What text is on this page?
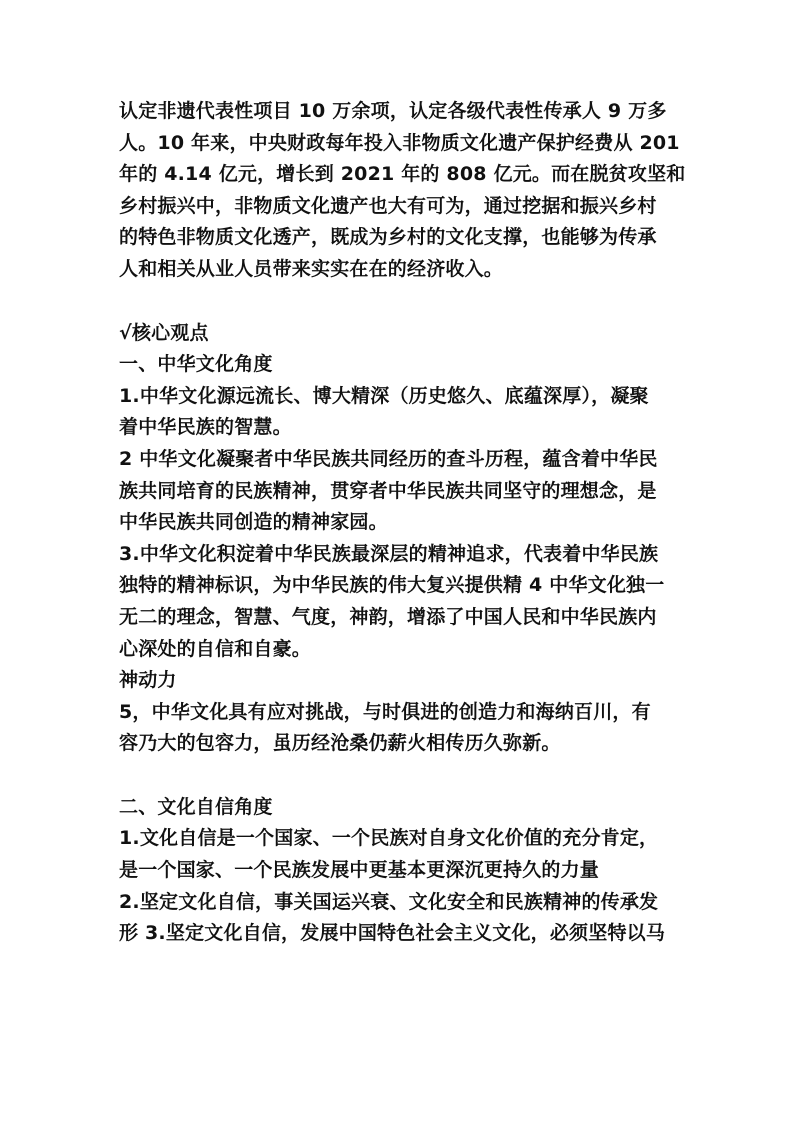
认定非遗代表性项目 10 万余项，认定各级代表性传承人 9 万多
人。10 年来，中央财政每年投入非物质文化遗产保护经费从 201
年的 4.14 亿元，增长到 2021 年的 808 亿元。而在脱贫攻坚和
乡村振兴中，非物质文化遗产也大有可为，通过挖据和振兴乡村
的特色非物质文化透产，既成为乡村的文化支撑，也能够为传承
人和相关从业人员带来实实在在的经济收入。
√核心观点
一、中华文化角度
1.中华文化源远流长、博大精深（历史悠久、底蕴深厚），凝聚
着中华民族的智慧。
2 中华文化凝聚者中华民族共同经历的查斗历程，蕴含着中华民
族共同培育的民族精神，贯穿者中华民族共同坚守的理想念，是
中华民族共同创造的精神家园。
3.中华文化积淀着中华民族最深层的精神追求，代表着中华民族
独特的精神标识，为中华民族的伟大复兴提供精 4 中华文化独一
无二的理念，智慧、气度，神韵，增添了中国人民和中华民族内
心深处的自信和自豪。
神动力
5，中华文化具有应对挑战，与时俱进的创造力和海纳百川，有
容乃大的包容力，虽历经沧桑仍薪火相传历久弥新。
二、文化自信角度
1.文化自信是一个国家、一个民族对自身文化价值的充分肯定，
是一个国家、一个民族发展中更基本更深沉更持久的力量
2.坚定文化自信，事关国运兴衰、文化安全和民族精神的传承发
形 3.坚定文化自信，发展中国特色社会主义文化，必须坚特以马
